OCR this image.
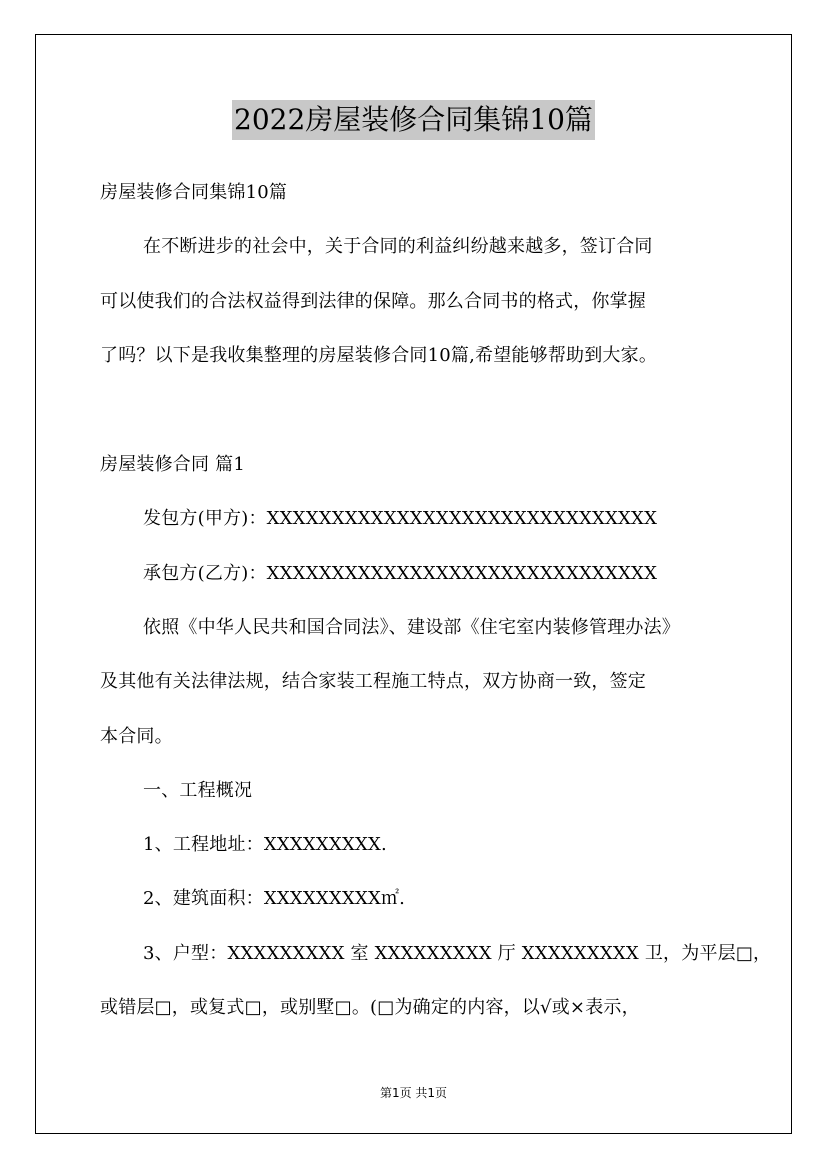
2022房屋装修合同集锦10篇
房屋装修合同集锦10篇
在不断进步的社会中，关于合同的利益纠纷越来越多，签订合同
可以使我们的合法权益得到法律的保障。那么合同书的格式，你掌握
了吗？以下是我收集整理的房屋装修合同10篇,希望能够帮助到大家。
房屋装修合同 篇1
发包方(甲方)：XXXXXXXXXXXXXXXXXXXXXXXXXXXXXX
承包方(乙方)：XXXXXXXXXXXXXXXXXXXXXXXXXXXXXX
依照《中华人民共和国合同法》、建设部《住宅室内装修管理办法》
及其他有关法律法规，结合家装工程施工特点，双方协商一致，签定
本合同。
一、工程概况
1、工程地址：XXXXXXXXX.
2、建筑面积：XXXXXXXXX㎡.
3、户型：XXXXXXXXX 室 XXXXXXXXX 厅 XXXXXXXXX 卫，为平层□，
或错层□，或复式□，或别墅□。(□为确定的内容，以√或×表示，
第1页 共1页
